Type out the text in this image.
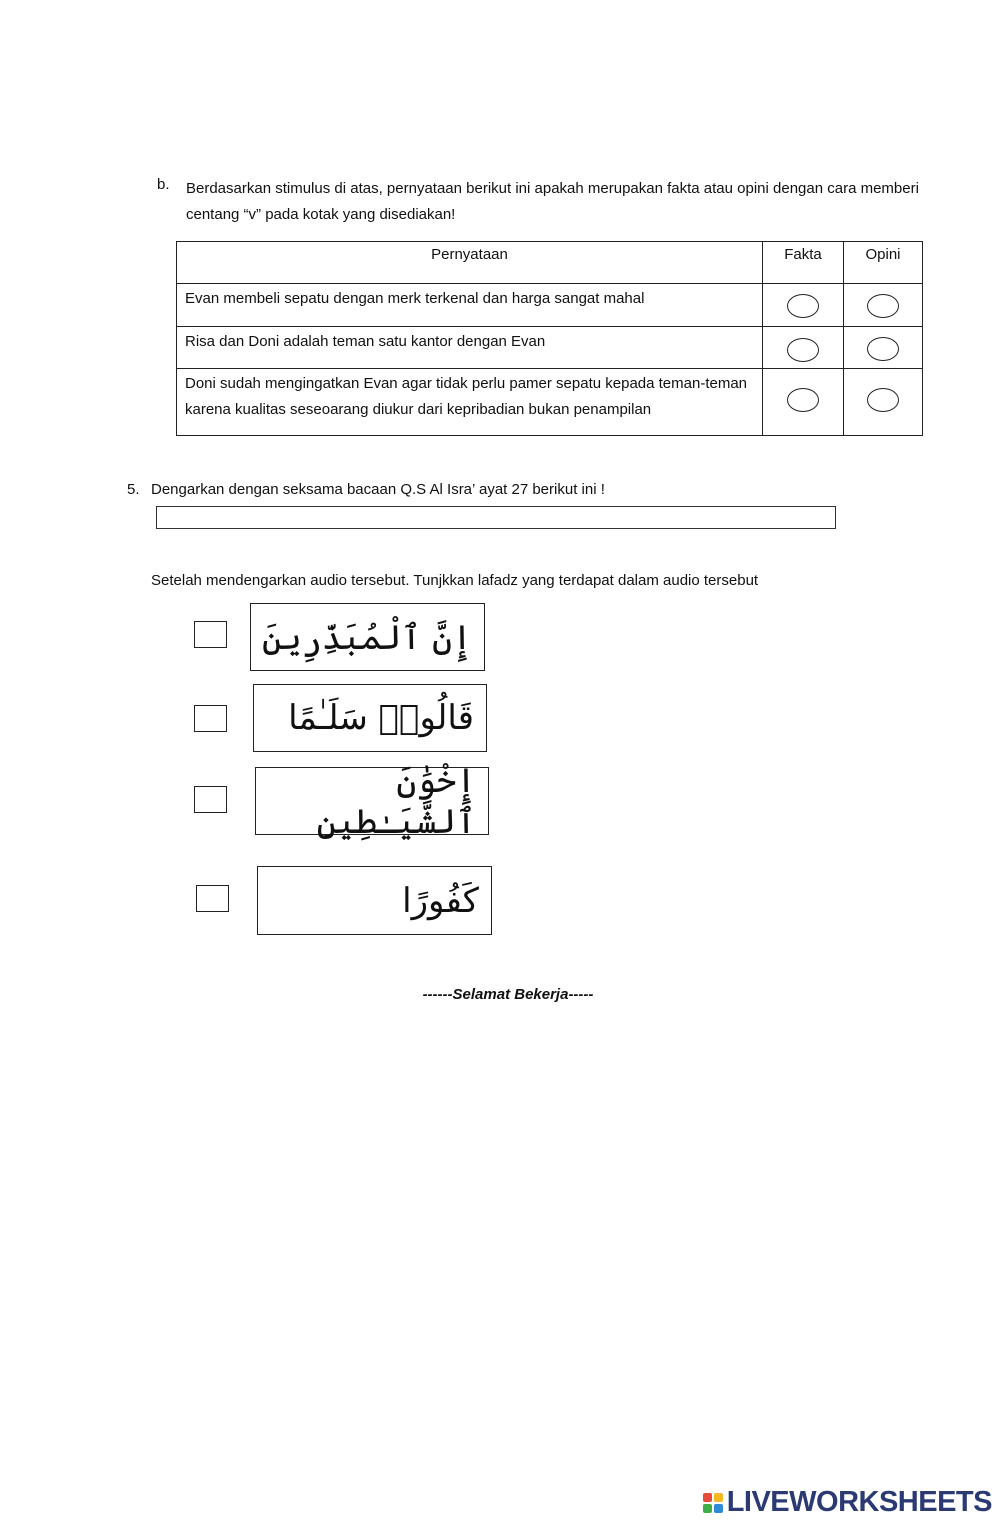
b. Berdasarkan stimulus di atas, pernyataan berikut ini apakah merupakan fakta atau opini dengan cara memberi centang “v” pada kotak yang disediakan!
Pernyataan	Fakta	Opini
Evan membeli sepatu dengan merk terkenal dan harga sangat mahal		
Risa dan Doni adalah teman satu kantor dengan Evan		
Doni sudah mengingatkan Evan agar tidak perlu pamer sepatu kepada teman-teman karena kualitas seseoarang diukur dari kepribadian bukan penampilan		
5. Dengarkan dengan seksama bacaan Q.S Al Isra’ ayat 27 berikut ini !
Setelah mendengarkan audio tersebut. Tunjkkan lafadz yang terdapat dalam audio tersebut
إِنَّ ٱلْمُبَذِّرِينَ
قَالُوا۟ سَلَـٰمًا
إِخْوَٰنَ ٱلشَّيَـٰطِينِ
كَفُورًا
------Selamat Bekerja-----
LIVEWORKSHEETS
